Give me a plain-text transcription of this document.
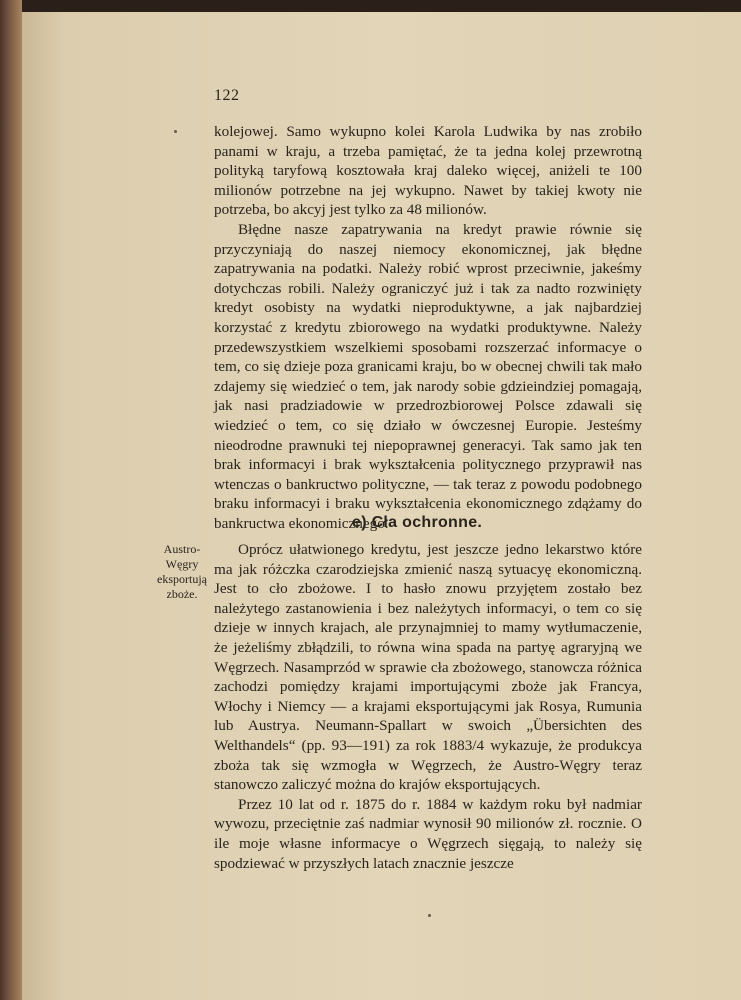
122

kolejowej. Samo wykupno kolei Karola Ludwika by nas zrobiło panami w kraju, a trzeba pamiętać, że ta jedna kolej przewrotną polityką taryfową kosztowała kraj daleko więcej, aniżeli te 100 milionów potrzebne na jej wykupno. Nawet by takiej kwoty nie potrzeba, bo akcyj jest tylko za 48 milionów.

Błędne nasze zapatrywania na kredyt prawie równie się przyczyniają do naszej niemocy ekonomicznej, jak błędne zapatrywania na podatki. Należy robić wprost przeciwnie, jakeśmy dotychczas robili. Należy ograniczyć już i tak za nadto rozwinięty kredyt osobisty na wydatki nieproduktywne, a jak najbardziej korzystać z kredytu zbiorowego na wydatki produktywne. Należy przedewszystkiem wszelkiemi sposobami rozszerzać informacye o tem, co się dzieje poza granicami kraju, bo w obecnej chwili tak mało zdajemy się wiedzieć o tem, jak narody sobie gdzieindziej pomagają, jak nasi pradziadowie w przedrozbiorowej Polsce zdawali się wiedzieć o tem, co się działo w ówczesnej Europie. Jesteśmy nieodrodne prawnuki tej niepoprawnej generacyi. Tak samo jak ten brak informacyi i brak wykształcenia politycznego przyprawił nas wtenczas o bankructwo polityczne, — tak teraz z powodu podobnego braku informacyi i braku wykształcenia ekonomicznego zdążamy do bankructwa ekonomicznego.

e) Cła ochronne.
Austro-
Węgry
eksportują
zboże.

Oprócz ułatwionego kredytu, jest jeszcze jedno lekarstwo które ma jak różczka czarodziejska zmienić naszą sytuacyę ekonomiczną. Jest to cło zbożowe. I to hasło znowu przyjętem zostało bez należytego zastanowienia i bez należytych informacyi, o tem co się dzieje w innych krajach, ale przynajmniej to mamy wytłumaczenie, że jeżeliśmy zbłądzili, to równa wina spada na partyę agraryjną we Węgrzech. Nasamprzód w sprawie cła zbożowego, stanowcza różnica zachodzi pomiędzy krajami importującymi zboże jak Francya, Włochy i Niemcy — a krajami eksportującymi jak Rosya, Rumunia lub Austrya. Neumann-Spallart w swoich „Übersichten des Welthandels“ (pp. 93—191) za rok 1883/4 wykazuje, że produkcya zboża tak się wzmogła w Węgrzech, że Austro-Węgry teraz stanowczo zaliczyć można do krajów eksportujących.

Przez 10 lat od r. 1875 do r. 1884 w każdym roku był nadmiar wywozu, przeciętnie zaś nadmiar wynosił 90 milionów zł. rocznie. O ile moje własne informacye o Węgrzech sięgają, to należy się spodziewać w przyszłych latach znacznie jeszcze
